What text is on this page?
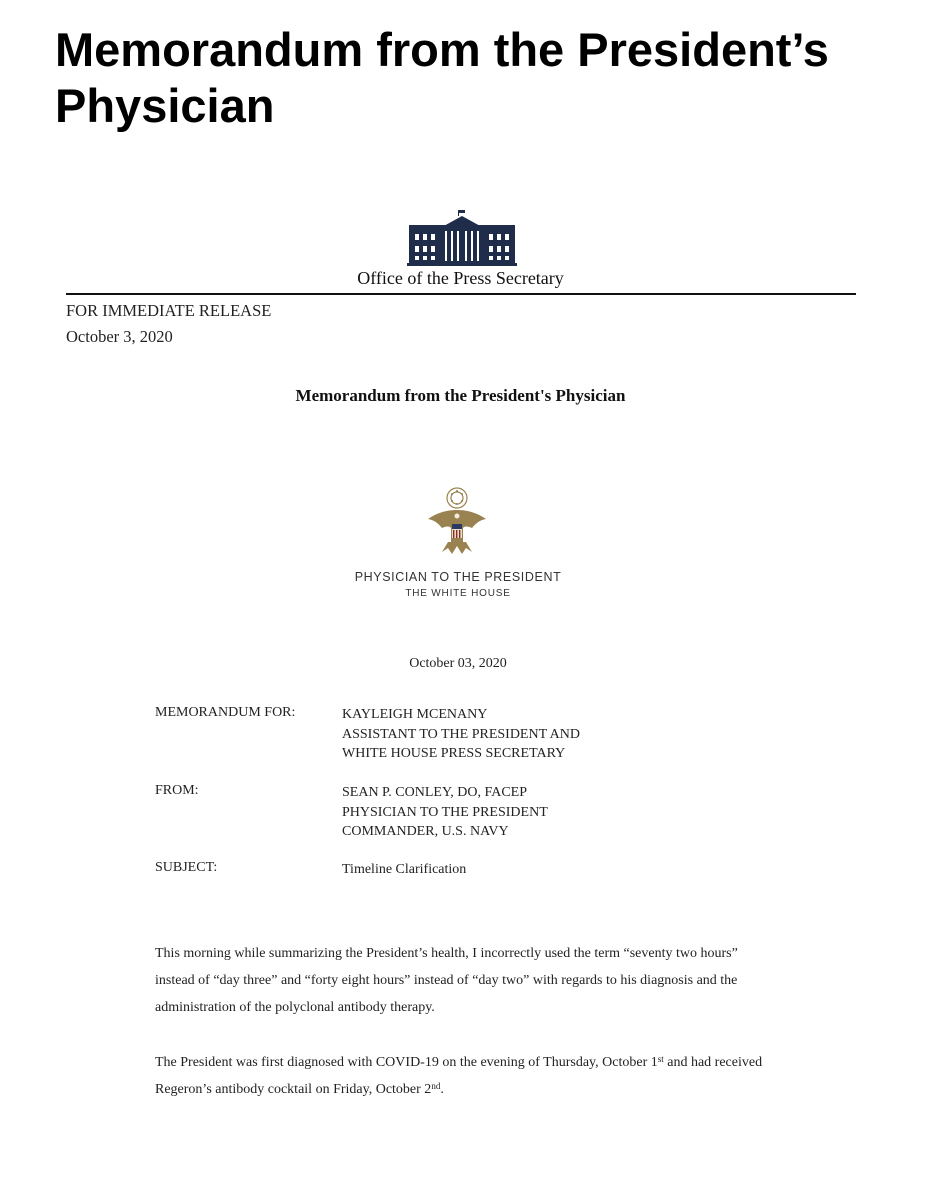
Memorandum from the President’s Physician
Office of the Press Secretary
FOR IMMEDIATE RELEASE
October 3, 2020
Memorandum from the President's Physician
PHYSICIAN TO THE PRESIDENT
THE WHITE HOUSE
October 03, 2020
MEMORANDUM FOR:	KAYLEIGH MCENANY
ASSISTANT TO THE PRESIDENT AND
WHITE HOUSE PRESS SECRETARY
FROM:	SEAN P. CONLEY, DO, FACEP
PHYSICIAN TO THE PRESIDENT
COMMANDER, U.S. NAVY
SUBJECT:	Timeline Clarification
This morning while summarizing the President’s health, I incorrectly used the term “seventy two hours” instead of “day three” and “forty eight hours” instead of “day two” with regards to his diagnosis and the administration of the polyclonal antibody therapy.
The President was first diagnosed with COVID-19 on the evening of Thursday, October 1st and had received Regeron’s antibody cocktail on Friday, October 2nd.
